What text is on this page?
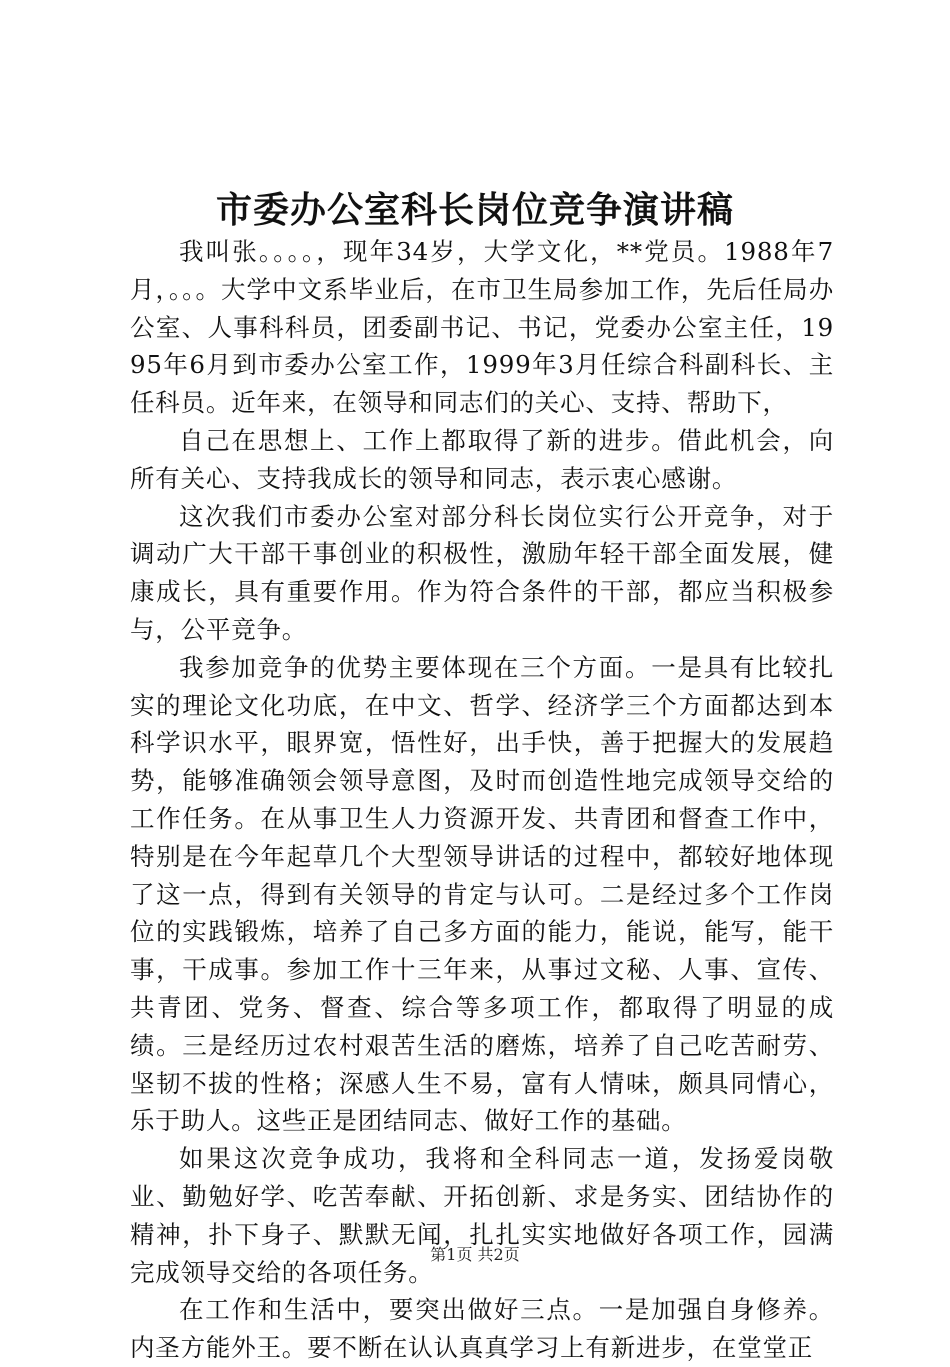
市委办公室科长岗位竞争演讲稿

我叫张。。。。，现年34岁，大学文化，**党员。1988年7月，。。。大学中文系毕业后，在市卫生局参加工作，先后任局办公室、人事科科员，团委副书记、书记，党委办公室主任，1995年6月到市委办公室工作，1999年3月任综合科副科长、主任科员。近年来，在领导和同志们的关心、支持、帮助下，

自己在思想上、工作上都取得了新的进步。借此机会，向所有关心、支持我成长的领导和同志，表示衷心感谢。

这次我们市委办公室对部分科长岗位实行公开竞争，对于调动广大干部干事创业的积极性，激励年轻干部全面发展，健康成长，具有重要作用。作为符合条件的干部，都应当积极参与，公平竞争。

我参加竞争的优势主要体现在三个方面。一是具有比较扎实的理论文化功底，在中文、哲学、经济学三个方面都达到本科学识水平，眼界宽，悟性好，出手快，善于把握大的发展趋势，能够准确领会领导意图，及时而创造性地完成领导交给的工作任务。在从事卫生人力资源开发、共青团和督查工作中，特别是在今年起草几个大型领导讲话的过程中，都较好地体现了这一点，得到有关领导的肯定与认可。二是经过多个工作岗位的实践锻炼，培养了自己多方面的能力，能说，能写，能干事，干成事。参加工作十三年来，从事过文秘、人事、宣传、共青团、党务、督查、综合等多项工作，都取得了明显的成绩。三是经历过农村艰苦生活的磨炼，培养了自己吃苦耐劳、坚韧不拔的性格；深感人生不易，富有人情味，颇具同情心，乐于助人。这些正是团结同志、做好工作的基础。

如果这次竞争成功，我将和全科同志一道，发扬爱岗敬业、勤勉好学、吃苦奉献、开拓创新、求是务实、团结协作的精神，扑下身子、默默无闻，扎扎实实地做好各项工作，园满完成领导交给的各项任务。

在工作和生活中，要突出做好三点。一是加强自身修养。内圣方能外王。要不断在认认真真学习上有新进步，在堂堂正

第1页 共2页
